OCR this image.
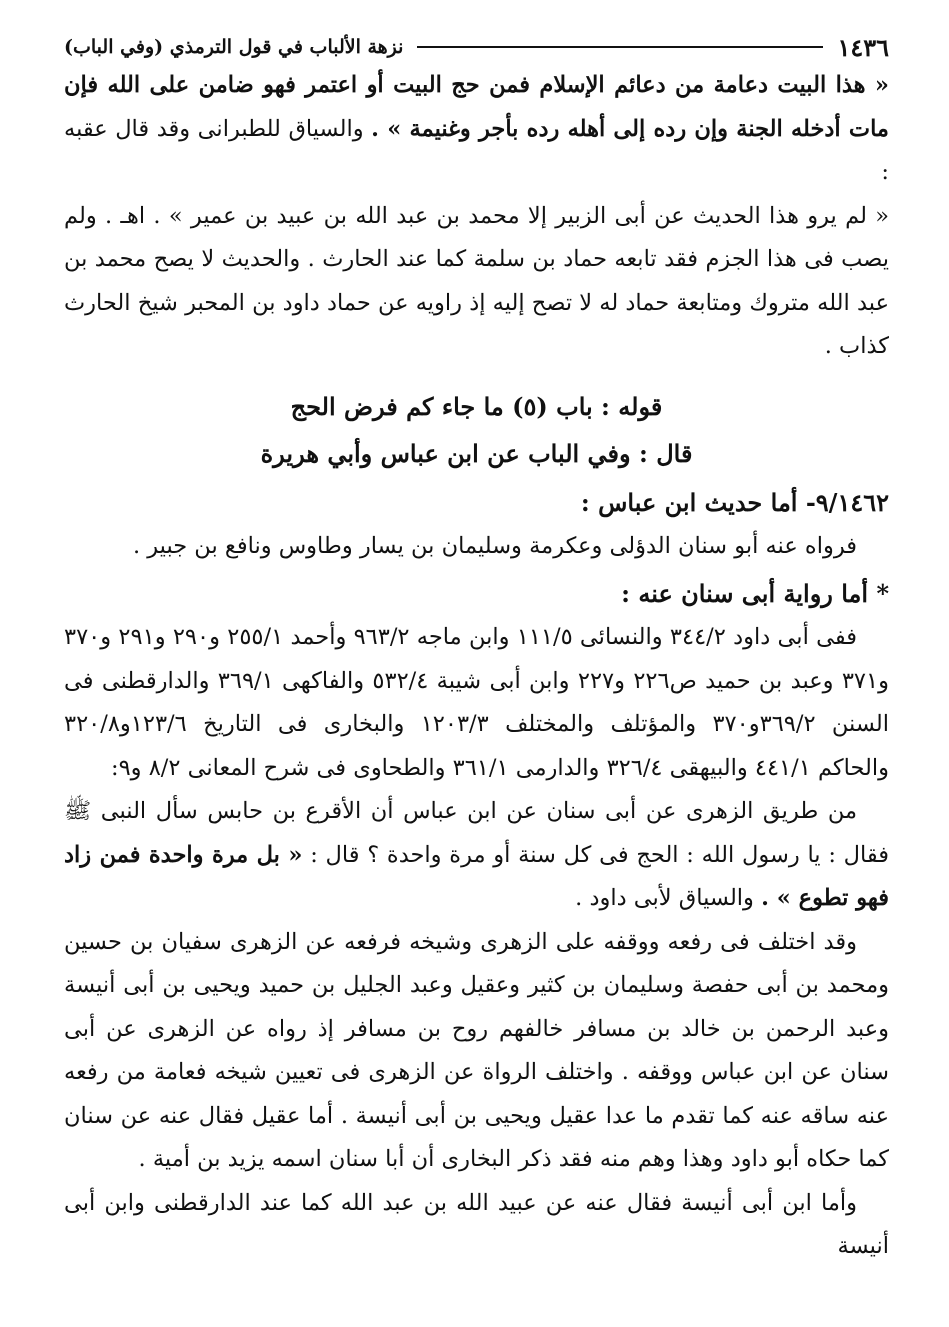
١٤٣٦
نزهة الألباب في قول الترمذي (وفي الباب)

« هذا البيت دعامة من دعائم الإسلام فمن حج البيت أو اعتمر فهو ضامن على الله فإن مات أدخله الجنة وإن رده إلى أهله رده بأجر وغنيمة » . والسياق للطبرانى وقد قال عقبه :

« لم يرو هذا الحديث عن أبى الزبير إلا محمد بن عبد الله بن عبيد بن عمير » . اهـ . ولم يصب فى هذا الجزم فقد تابعه حماد بن سلمة كما عند الحارث . والحديث لا يصح محمد بن عبد الله متروك ومتابعة حماد له لا تصح إليه إذ راويه عن حماد داود بن المحبر شيخ الحارث كذاب .

قوله : باب (٥) ما جاء كم فرض الحج
قال : وفي الباب عن ابن عباس وأبي هريرة
٩/١٤٦٢- أما حديث ابن عباس :

فرواه عنه أبو سنان الدؤلى وعكرمة وسليمان بن يسار وطاوس ونافع بن جبير .

* أما رواية أبى سنان عنه :

ففى أبى داود ٣٤٤/٢ والنسائى ١١١/٥ وابن ماجه ٩٦٣/٢ وأحمد ٢٥٥/١ و٢٩٠ و٢٩١ و٣٧٠ و٣٧١ وعبد بن حميد ص٢٢٦ و٢٢٧ وابن أبى شيبة ٥٣٢/٤ والفاكهى ٣٦٩/١ والدارقطنى فى السنن ٣٦٩/٢و٣٧٠ والمؤتلف والمختلف ١٢٠٣/٣ والبخارى فى التاريخ ١٢٣/٦و٣٢٠/٨ والحاكم ٤٤١/١ والبيهقى ٣٢٦/٤ والدارمى ٣٦١/١ والطحاوى فى شرح المعانى ٨/٢ و٩:

من طريق الزهرى عن أبى سنان عن ابن عباس أن الأقرع بن حابس سأل النبى ﷺ فقال : يا رسول الله : الحج فى كل سنة أو مرة واحدة ؟ قال : « بل مرة واحدة فمن زاد فهو تطوع » . والسياق لأبى داود .

وقد اختلف فى رفعه ووقفه على الزهرى وشيخه فرفعه عن الزهرى سفيان بن حسين ومحمد بن أبى حفصة وسليمان بن كثير وعقيل وعبد الجليل بن حميد ويحيى بن أبى أنيسة وعبد الرحمن بن خالد بن مسافر خالفهم روح بن مسافر إذ رواه عن الزهرى عن أبى سنان عن ابن عباس ووقفه . واختلف الرواة عن الزهرى فى تعيين شيخه فعامة من رفعه عنه ساقه عنه كما تقدم ما عدا عقيل ويحيى بن أبى أنيسة . أما عقيل فقال عنه عن سنان كما حكاه أبو داود وهذا وهم منه فقد ذكر البخارى أن أبا سنان اسمه يزيد بن أمية .

وأما ابن أبى أنيسة فقال عنه عن عبيد الله بن عبد الله كما عند الدارقطنى وابن أبى أنيسة
